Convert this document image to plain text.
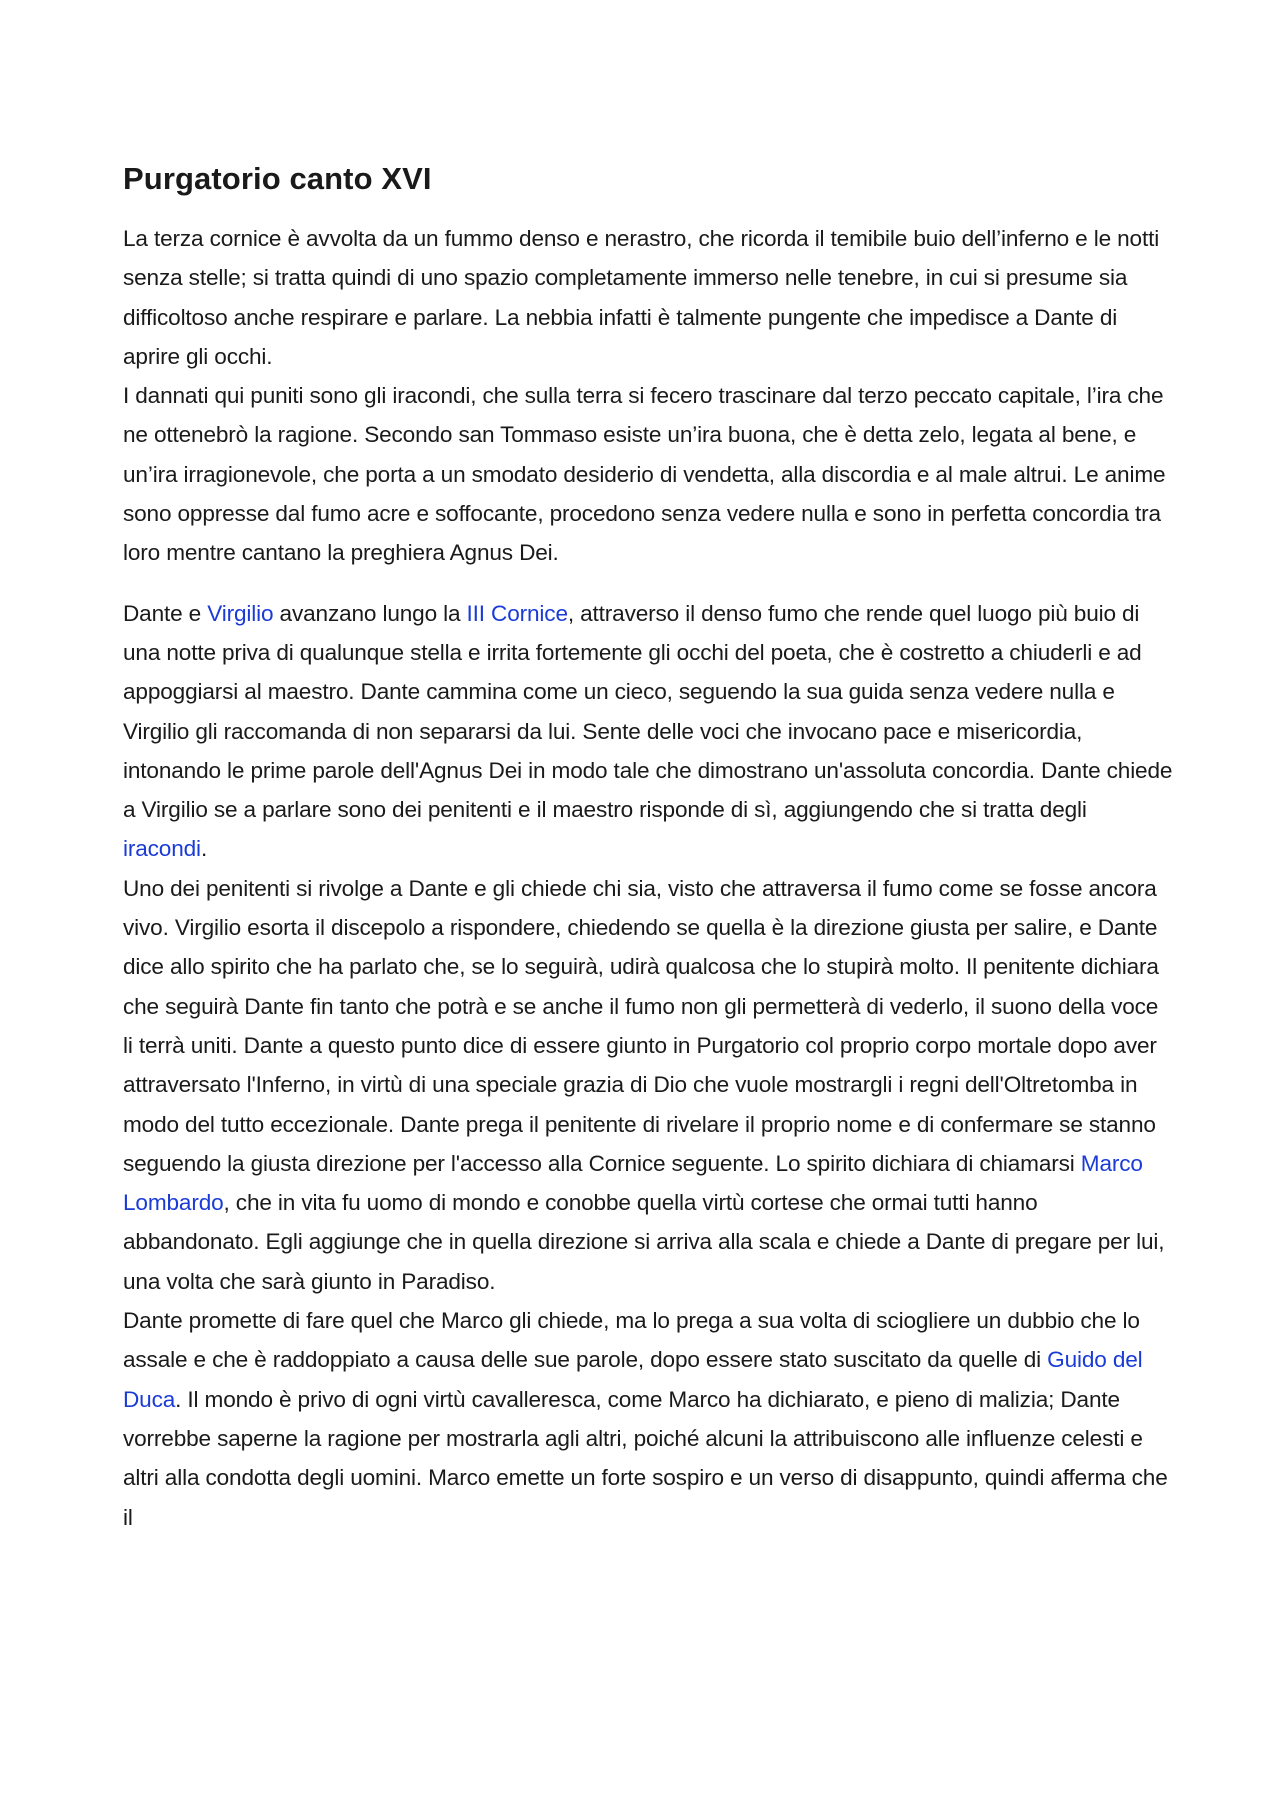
Purgatorio canto XVI
La terza cornice è avvolta da un fummo denso e nerastro, che ricorda il temibile buio dell’inferno e le notti senza stelle; si tratta quindi di uno spazio completamente immerso nelle tenebre, in cui si presume sia difficoltoso anche respirare e parlare. La nebbia infatti è talmente pungente che impedisce a Dante di aprire gli occhi.
I dannati qui puniti sono gli iracondi, che sulla terra si fecero trascinare dal terzo peccato capitale, l’ira che ne ottenebrò la ragione. Secondo san Tommaso esiste un’ira buona, che è detta zelo, legata al bene, e un’ira irragionevole, che porta a un smodato desiderio di vendetta, alla discordia e al male altrui. Le anime sono oppresse dal fumo acre e soffocante, procedono senza vedere nulla e sono in perfetta concordia tra loro mentre cantano la preghiera Agnus Dei.
Dante e Virgilio avanzano lungo la III Cornice, attraverso il denso fumo che rende quel luogo più buio di una notte priva di qualunque stella e irrita fortemente gli occhi del poeta, che è costretto a chiuderli e ad appoggiarsi al maestro. Dante cammina come un cieco, seguendo la sua guida senza vedere nulla e Virgilio gli raccomanda di non separarsi da lui. Sente delle voci che invocano pace e misericordia, intonando le prime parole dell'Agnus Dei in modo tale che dimostrano un'assoluta concordia. Dante chiede a Virgilio se a parlare sono dei penitenti e il maestro risponde di sì, aggiungendo che si tratta degli iracondi.
Uno dei penitenti si rivolge a Dante e gli chiede chi sia, visto che attraversa il fumo come se fosse ancora vivo. Virgilio esorta il discepolo a rispondere, chiedendo se quella è la direzione giusta per salire, e Dante dice allo spirito che ha parlato che, se lo seguirà, udirà qualcosa che lo stupirà molto. Il penitente dichiara che seguirà Dante fin tanto che potrà e se anche il fumo non gli permetterà di vederlo, il suono della voce li terrà uniti. Dante a questo punto dice di essere giunto in Purgatorio col proprio corpo mortale dopo aver attraversato l'Inferno, in virtù di una speciale grazia di Dio che vuole mostrargli i regni dell'Oltretomba in modo del tutto eccezionale. Dante prega il penitente di rivelare il proprio nome e di confermare se stanno seguendo la giusta direzione per l'accesso alla Cornice seguente. Lo spirito dichiara di chiamarsi Marco Lombardo, che in vita fu uomo di mondo e conobbe quella virtù cortese che ormai tutti hanno abbandonato. Egli aggiunge che in quella direzione si arriva alla scala e chiede a Dante di pregare per lui, una volta che sarà giunto in Paradiso.
Dante promette di fare quel che Marco gli chiede, ma lo prega a sua volta di sciogliere un dubbio che lo assale e che è raddoppiato a causa delle sue parole, dopo essere stato suscitato da quelle di Guido del Duca. Il mondo è privo di ogni virtù cavalleresca, come Marco ha dichiarato, e pieno di malizia; Dante vorrebbe saperne la ragione per mostrarla agli altri, poiché alcuni la attribuiscono alle influenze celesti e altri alla condotta degli uomini. Marco emette un forte sospiro e un verso di disappunto, quindi afferma che il
